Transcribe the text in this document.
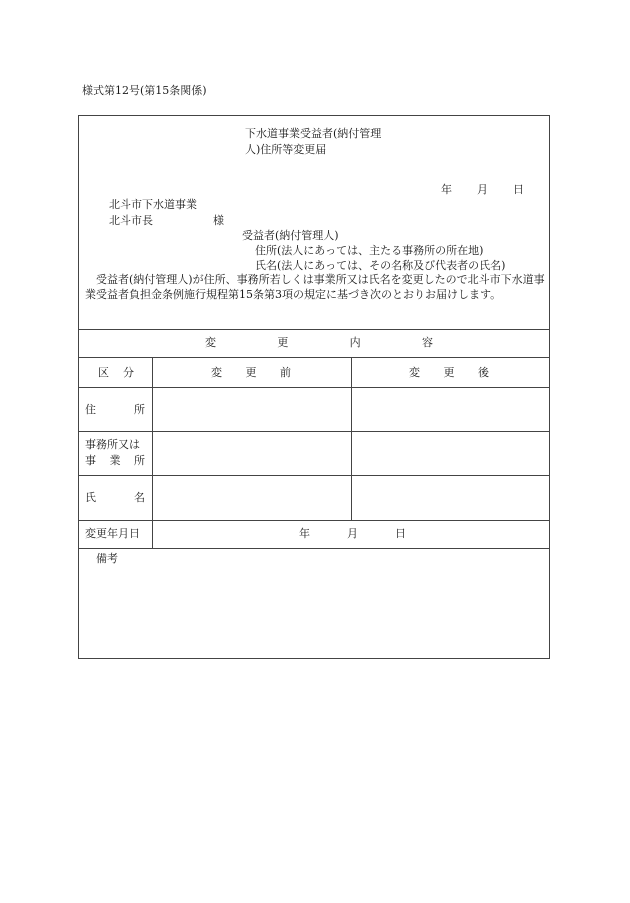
様式第12号(第15条関係)
下水道事業受益者(納付管理
人)住所等変更届
年 月 日
北斗市下水道事業
北斗市長	様
受益者(納付管理人)
住所(法人にあっては、主たる事務所の所在地)
氏名(法人にあっては、その名称及び代表者の氏名)
受益者(納付管理人)が住所、事務所若しくは事業所又は氏名を変更したので北斗市下水道事業受益者負担金条例施行規程第15条第3項の規定に基づき次のとおりお届けします。
変	更	内	容
区 分	変 更 前	変 更 後
住	所
事務所又は
事 業 所
氏	名
変更年月日	年	月	日
備考
